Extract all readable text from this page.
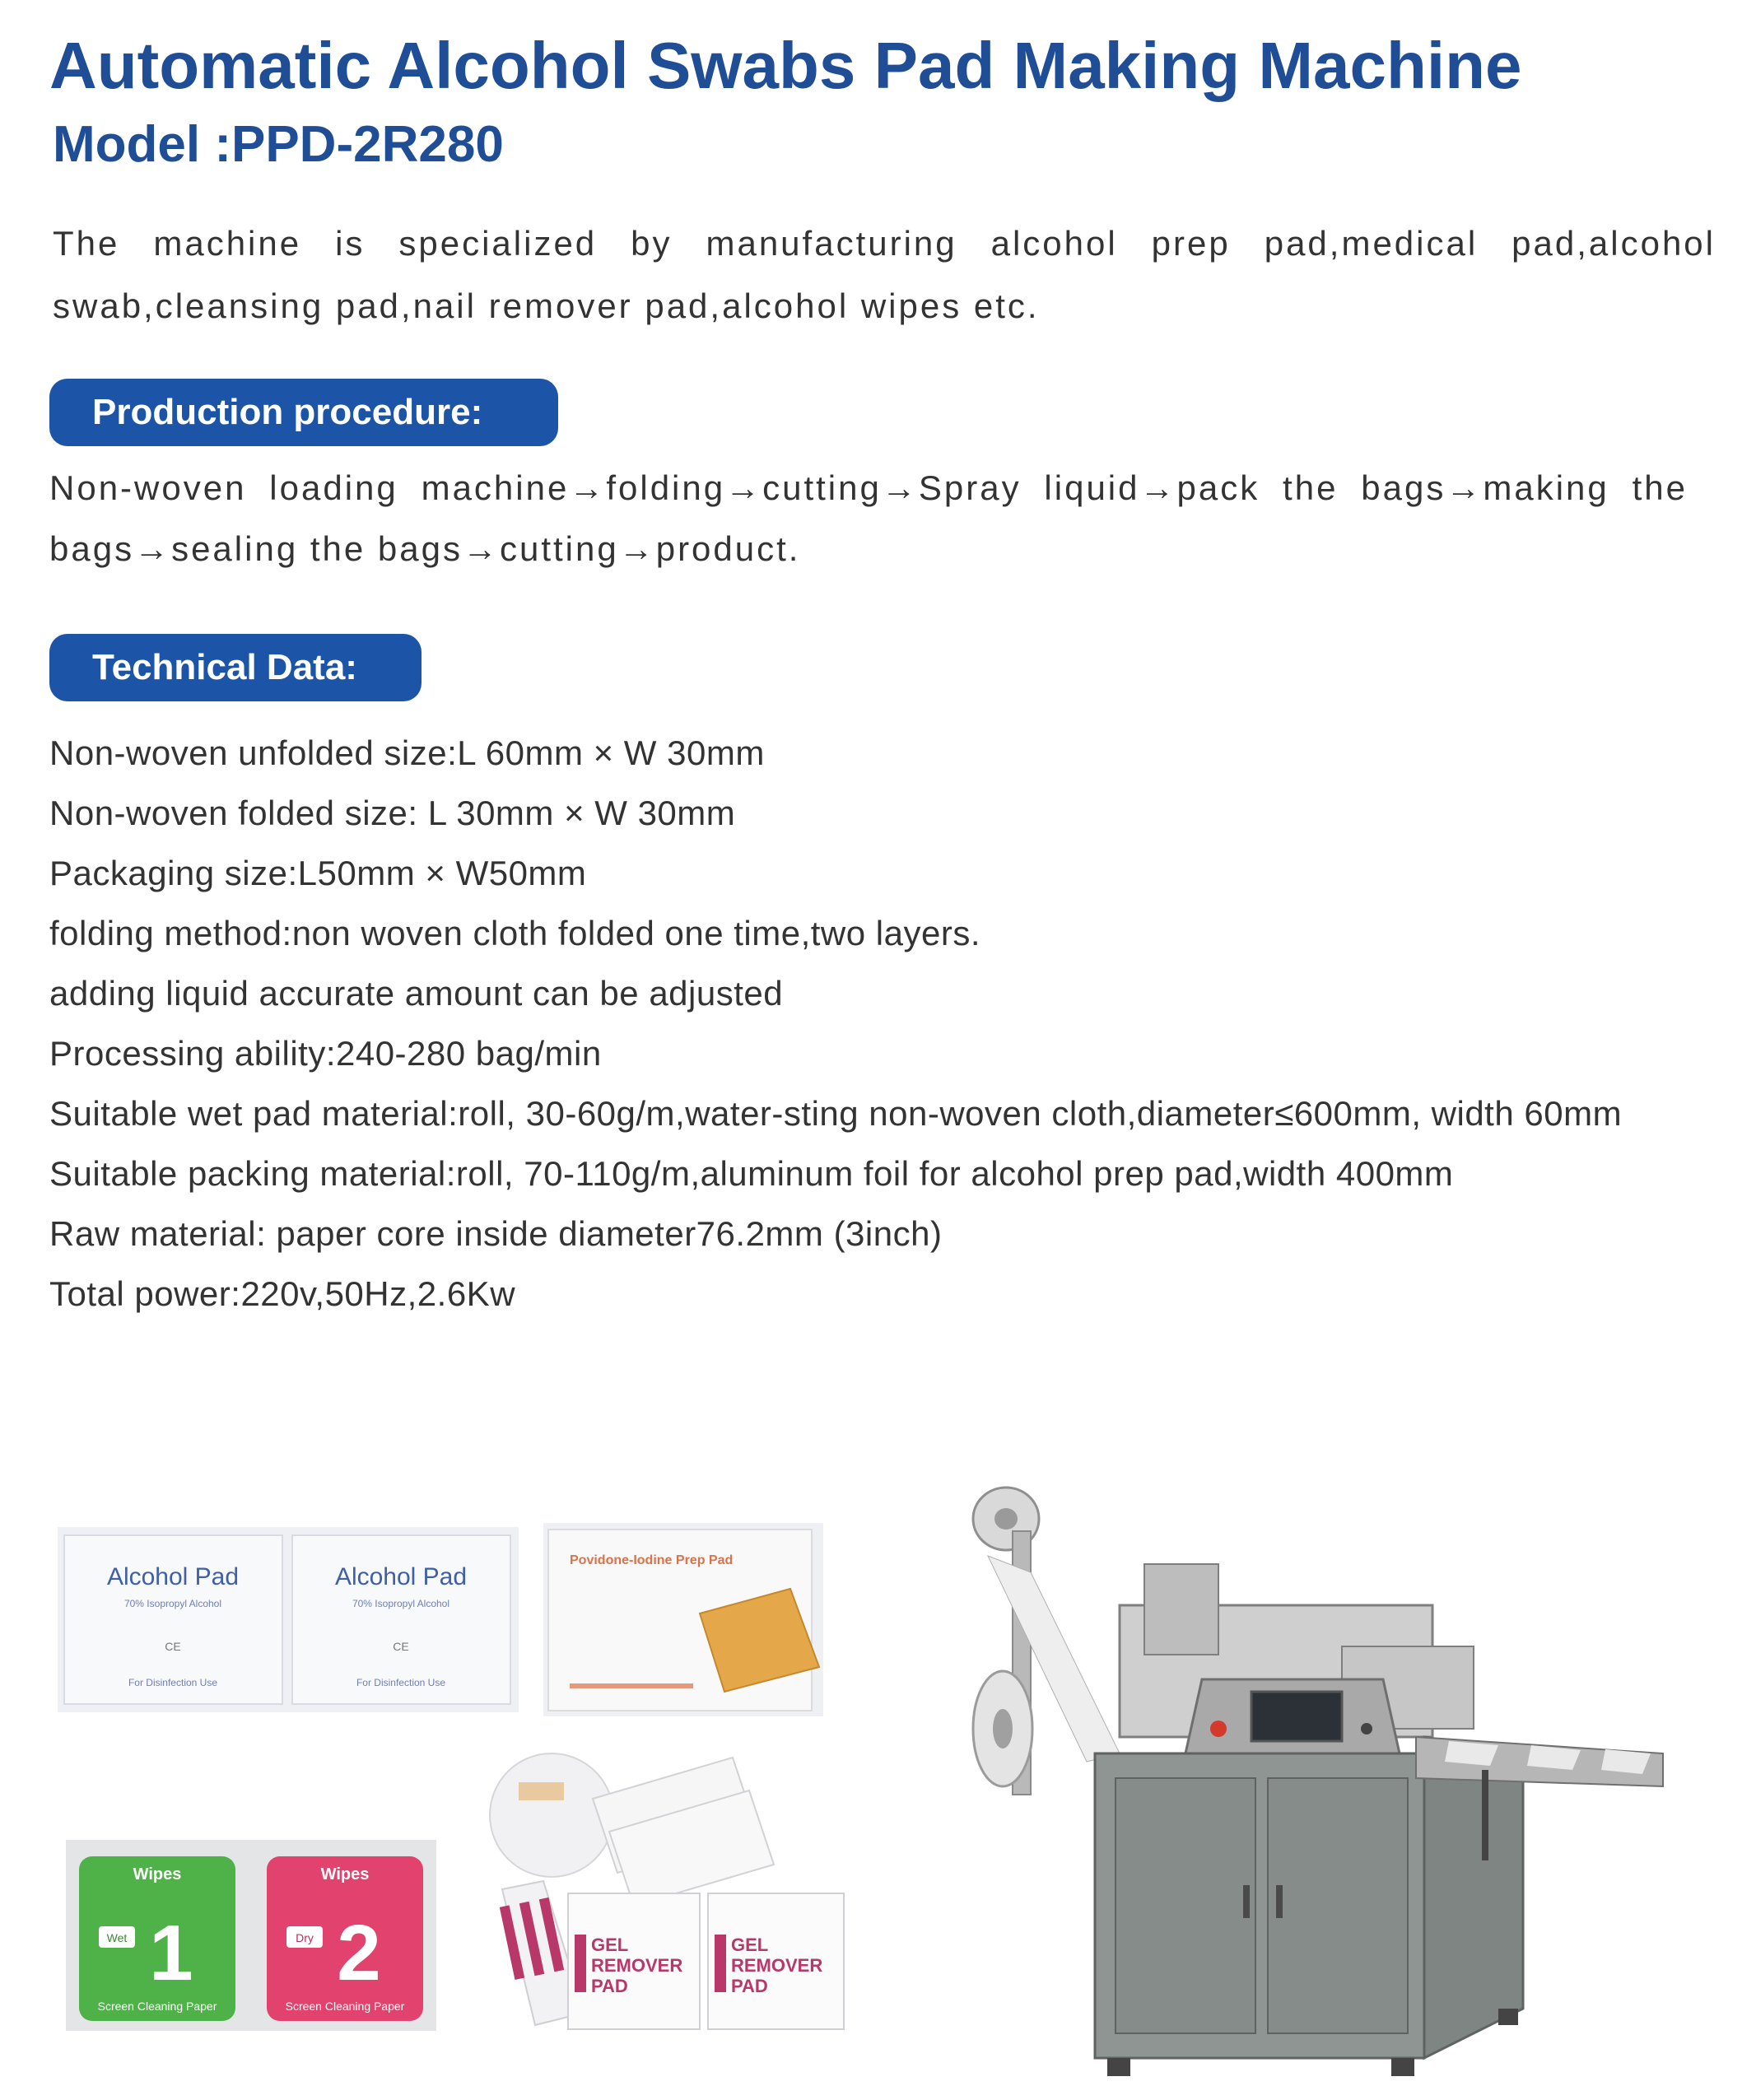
Automatic Alcohol Swabs Pad Making Machine
Model :PPD-2R280

The machine is specialized by manufacturing alcohol prep pad,medical pad,alcohol swab,cleansing pad,nail remover pad,alcohol wipes etc.

Production procedure:

Non-woven loading machine→folding→cutting→Spray liquid→pack the bags→making the bags→sealing the bags→cutting→product.

Technical Data:
Non-woven unfolded size:L 60mm × W 30mm
Non-woven folded size: L 30mm × W 30mm
Packaging size:L50mm × W50mm
folding method:non woven cloth folded one time,two layers.
adding liquid accurate amount can be adjusted
Processing ability:240-280 bag/min
Suitable wet pad material:roll, 30-60g/m,water-sting non-woven cloth,diameter≤600mm, width 60mm
Suitable packing material:roll, 70-110g/m,aluminum foil for alcohol prep pad,width 400mm
Raw material: paper core inside diameter76.2mm (3inch)
Total power:220v,50Hz,2.6Kw
Alcohol Pad
70% Isopropyl Alcohol
CE
For Disinfection Use
Alcohol Pad
70% Isopropyl Alcohol
CE
For Disinfection Use
Povidone-Iodine Prep Pad
Wipes	Wipes
Wet	Dry
1 2
Screen Cleaning Paper	Screen Cleaning Paper
GEL
REMOVER
PAD
GEL
REMOVER
PAD
